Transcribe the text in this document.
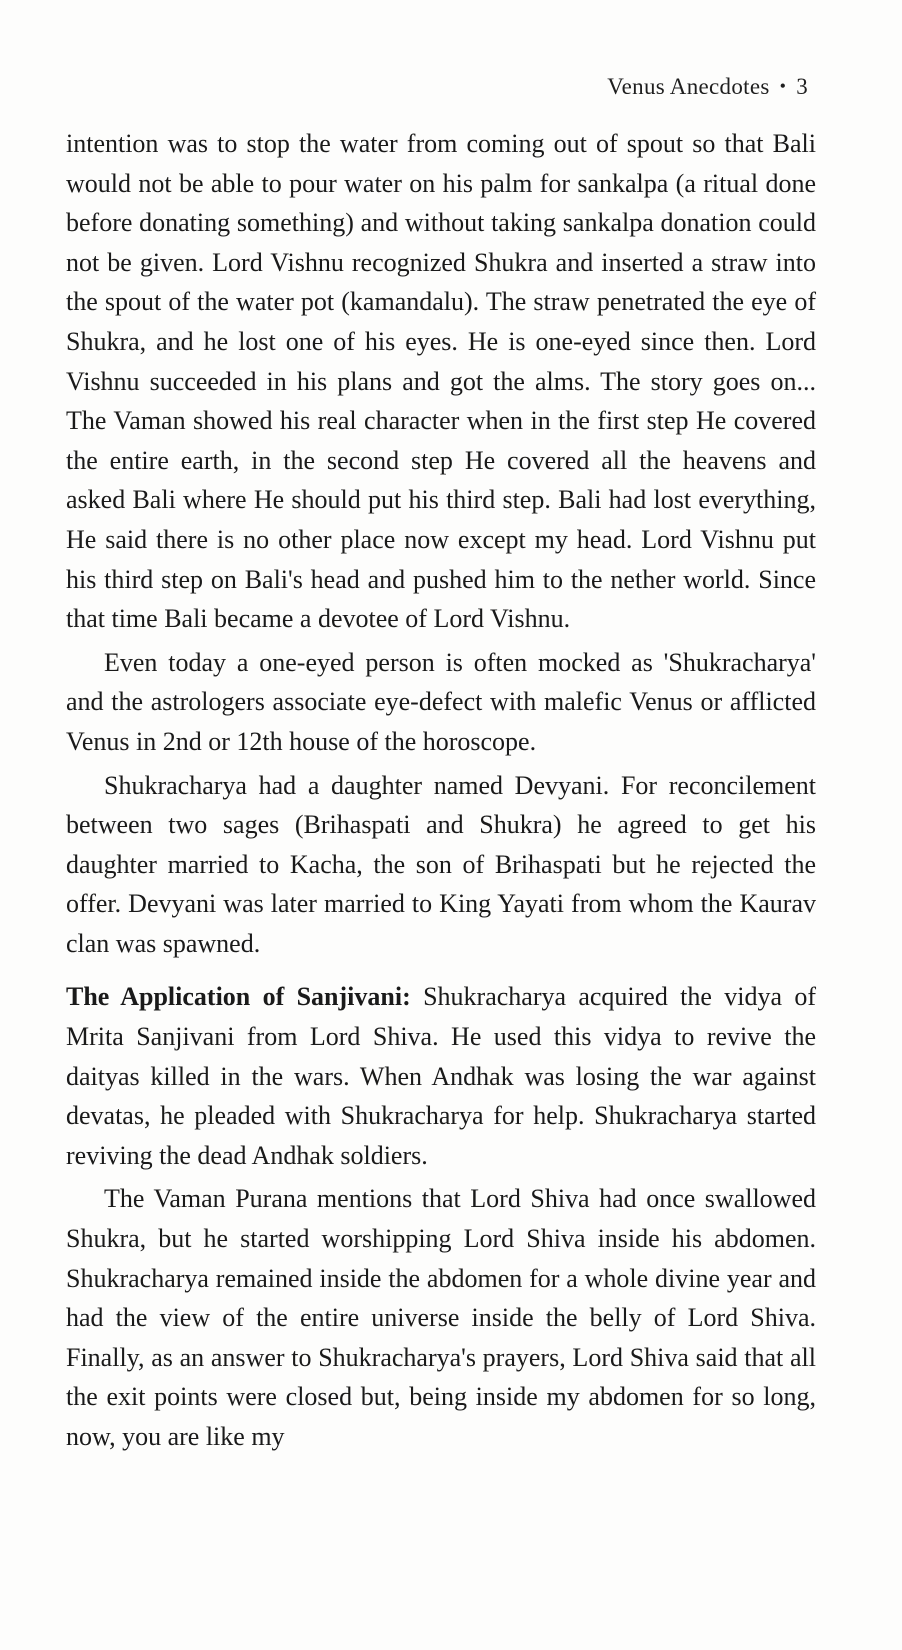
Venus Anecdotes • 3

intention was to stop the water from coming out of spout so that Bali would not be able to pour water on his palm for sankalpa (a ritual done before donating something) and without taking sankalpa donation could not be given. Lord Vishnu recognized Shukra and inserted a straw into the spout of the water pot (kamandalu). The straw penetrated the eye of Shukra, and he lost one of his eyes. He is one-eyed since then. Lord Vishnu succeeded in his plans and got the alms. The story goes on... The Vaman showed his real character when in the first step He covered the entire earth, in the second step He covered all the heavens and asked Bali where He should put his third step. Bali had lost everything, He said there is no other place now except my head. Lord Vishnu put his third step on Bali's head and pushed him to the nether world. Since that time Bali became a devotee of Lord Vishnu.

Even today a one-eyed person is often mocked as 'Shukracharya' and the astrologers associate eye-defect with malefic Venus or afflicted Venus in 2nd or 12th house of the horoscope.

Shukracharya had a daughter named Devyani. For reconcilement between two sages (Brihaspati and Shukra) he agreed to get his daughter married to Kacha, the son of Brihaspati but he rejected the offer. Devyani was later married to King Yayati from whom the Kaurav clan was spawned.

The Application of Sanjivani: Shukracharya acquired the vidya of Mrita Sanjivani from Lord Shiva. He used this vidya to revive the daityas killed in the wars. When Andhak was losing the war against devatas, he pleaded with Shukracharya for help. Shukracharya started reviving the dead Andhak soldiers.

The Vaman Purana mentions that Lord Shiva had once swallowed Shukra, but he started worshipping Lord Shiva inside his abdomen. Shukracharya remained inside the abdomen for a whole divine year and had the view of the entire universe inside the belly of Lord Shiva. Finally, as an answer to Shukracharya's prayers, Lord Shiva said that all the exit points were closed but, being inside my abdomen for so long, now, you are like my
